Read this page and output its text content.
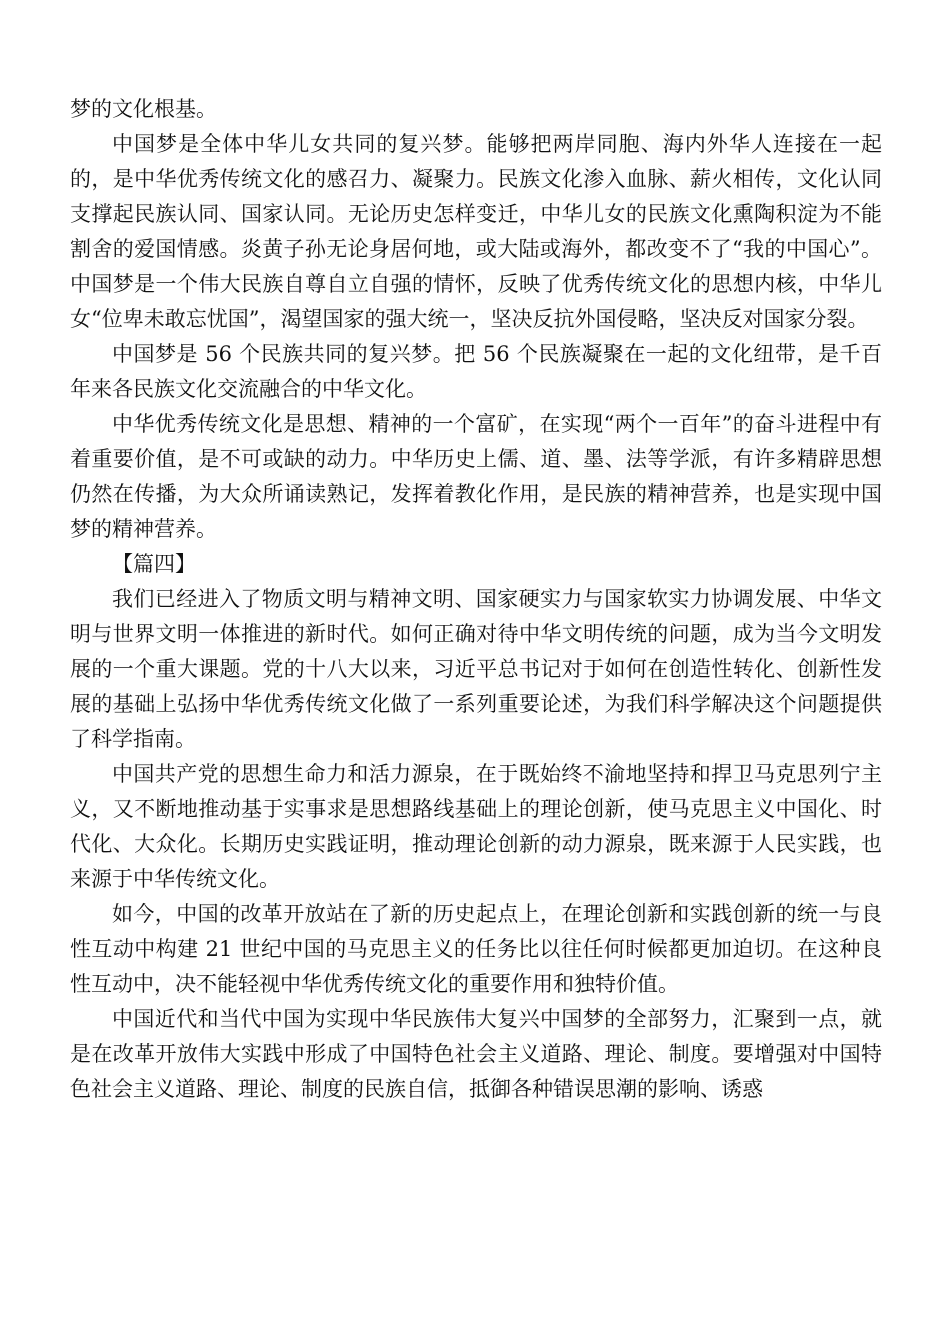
梦的文化根基。

中国梦是全体中华儿女共同的复兴梦。能够把两岸同胞、海内外华人连接在一起的，是中华优秀传统文化的感召力、凝聚力。民族文化渗入血脉、薪火相传，文化认同支撑起民族认同、国家认同。无论历史怎样变迁，中华儿女的民族文化熏陶积淀为不能割舍的爱国情感。炎黄子孙无论身居何地，或大陆或海外，都改变不了“我的中国心”。中国梦是一个伟大民族自尊自立自强的情怀，反映了优秀传统文化的思想内核，中华儿女“位卑未敢忘忧国”，渴望国家的强大统一，坚决反抗外国侵略，坚决反对国家分裂。

中国梦是 56 个民族共同的复兴梦。把 56 个民族凝聚在一起的文化纽带，是千百年来各民族文化交流融合的中华文化。

中华优秀传统文化是思想、精神的一个富矿，在实现“两个一百年”的奋斗进程中有着重要价值，是不可或缺的动力。中华历史上儒、道、墨、法等学派，有许多精辟思想仍然在传播，为大众所诵读熟记，发挥着教化作用，是民族的精神营养，也是实现中国梦的精神营养。

【篇四】

我们已经进入了物质文明与精神文明、国家硬实力与国家软实力协调发展、中华文明与世界文明一体推进的新时代。如何正确对待中华文明传统的问题，成为当今文明发展的一个重大课题。党的十八大以来，习近平总书记对于如何在创造性转化、创新性发展的基础上弘扬中华优秀传统文化做了一系列重要论述，为我们科学解决这个问题提供了科学指南。

中国共产党的思想生命力和活力源泉，在于既始终不渝地坚持和捍卫马克思列宁主义，又不断地推动基于实事求是思想路线基础上的理论创新，使马克思主义中国化、时代化、大众化。长期历史实践证明，推动理论创新的动力源泉，既来源于人民实践，也来源于中华传统文化。

如今，中国的改革开放站在了新的历史起点上，在理论创新和实践创新的统一与良性互动中构建 21 世纪中国的马克思主义的任务比以往任何时候都更加迫切。在这种良性互动中，决不能轻视中华优秀传统文化的重要作用和独特价值。

中国近代和当代中国为实现中华民族伟大复兴中国梦的全部努力，汇聚到一点，就是在改革开放伟大实践中形成了中国特色社会主义道路、理论、制度。要增强对中国特色社会主义道路、理论、制度的民族自信，抵御各种错误思潮的影响、诱惑
